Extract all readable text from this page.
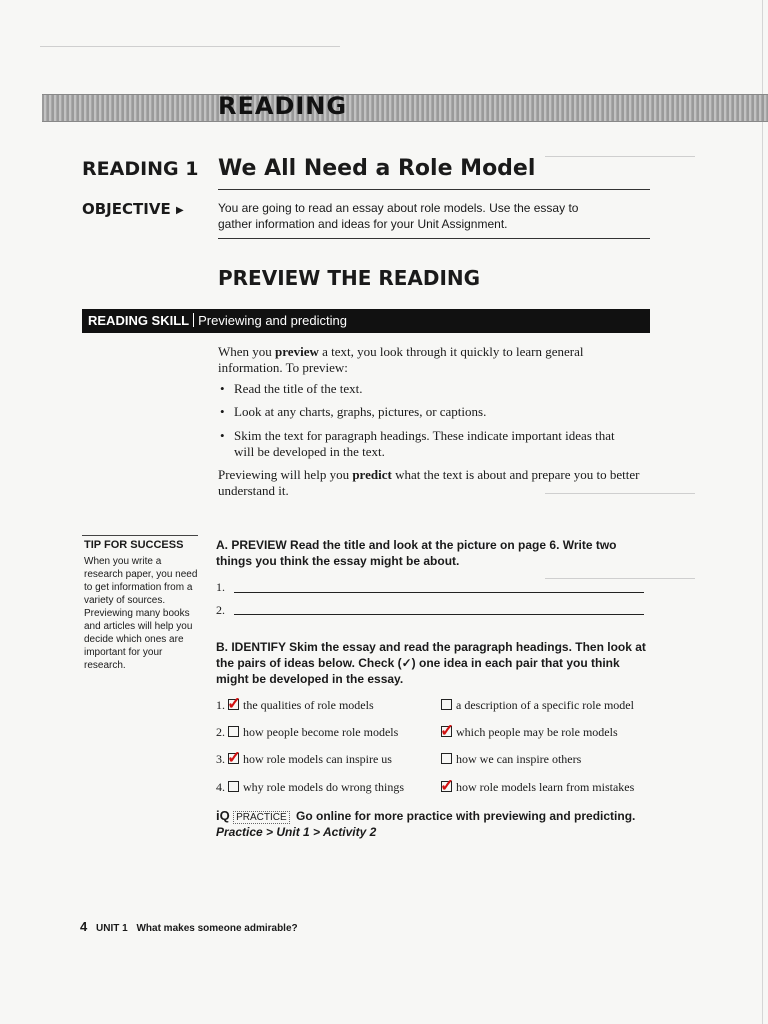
READING
READING 1 We All Need a Role Model
OBJECTIVE ▶	You are going to read an essay about role models. Use the essay to gather information and ideas for your Unit Assignment.
PREVIEW THE READING
READING SKILL Previewing and predicting
When you preview a text, you look through it quickly to learn general information. To preview:
• Read the title of the text.
• Look at any charts, graphs, pictures, or captions.
• Skim the text for paragraph headings. These indicate important ideas that will be developed in the text.
Previewing will help you predict what the text is about and prepare you to better understand it.
TIP FOR SUCCESS
When you write a research paper, you need to get information from a variety of sources. Previewing many books and articles will help you decide which ones are important for your research.
A. PREVIEW Read the title and look at the picture on page 6. Write two things you think the essay might be about.
1.
2.
B. IDENTIFY Skim the essay and read the paragraph headings. Then look at the pairs of ideas below. Check (✓) one idea in each pair that you think might be developed in the essay.
1. ✓ the qualities of role models	a description of a specific role model
2. how people become role models	✓ which people may be role models
3. ✓ how role models can inspire us	how we can inspire others
4. why role models do wrong things	✓ how role models learn from mistakes
iQ PRACTICE Go online for more practice with previewing and predicting.
Practice > Unit 1 > Activity 2
4 UNIT 1 What makes someone admirable?
